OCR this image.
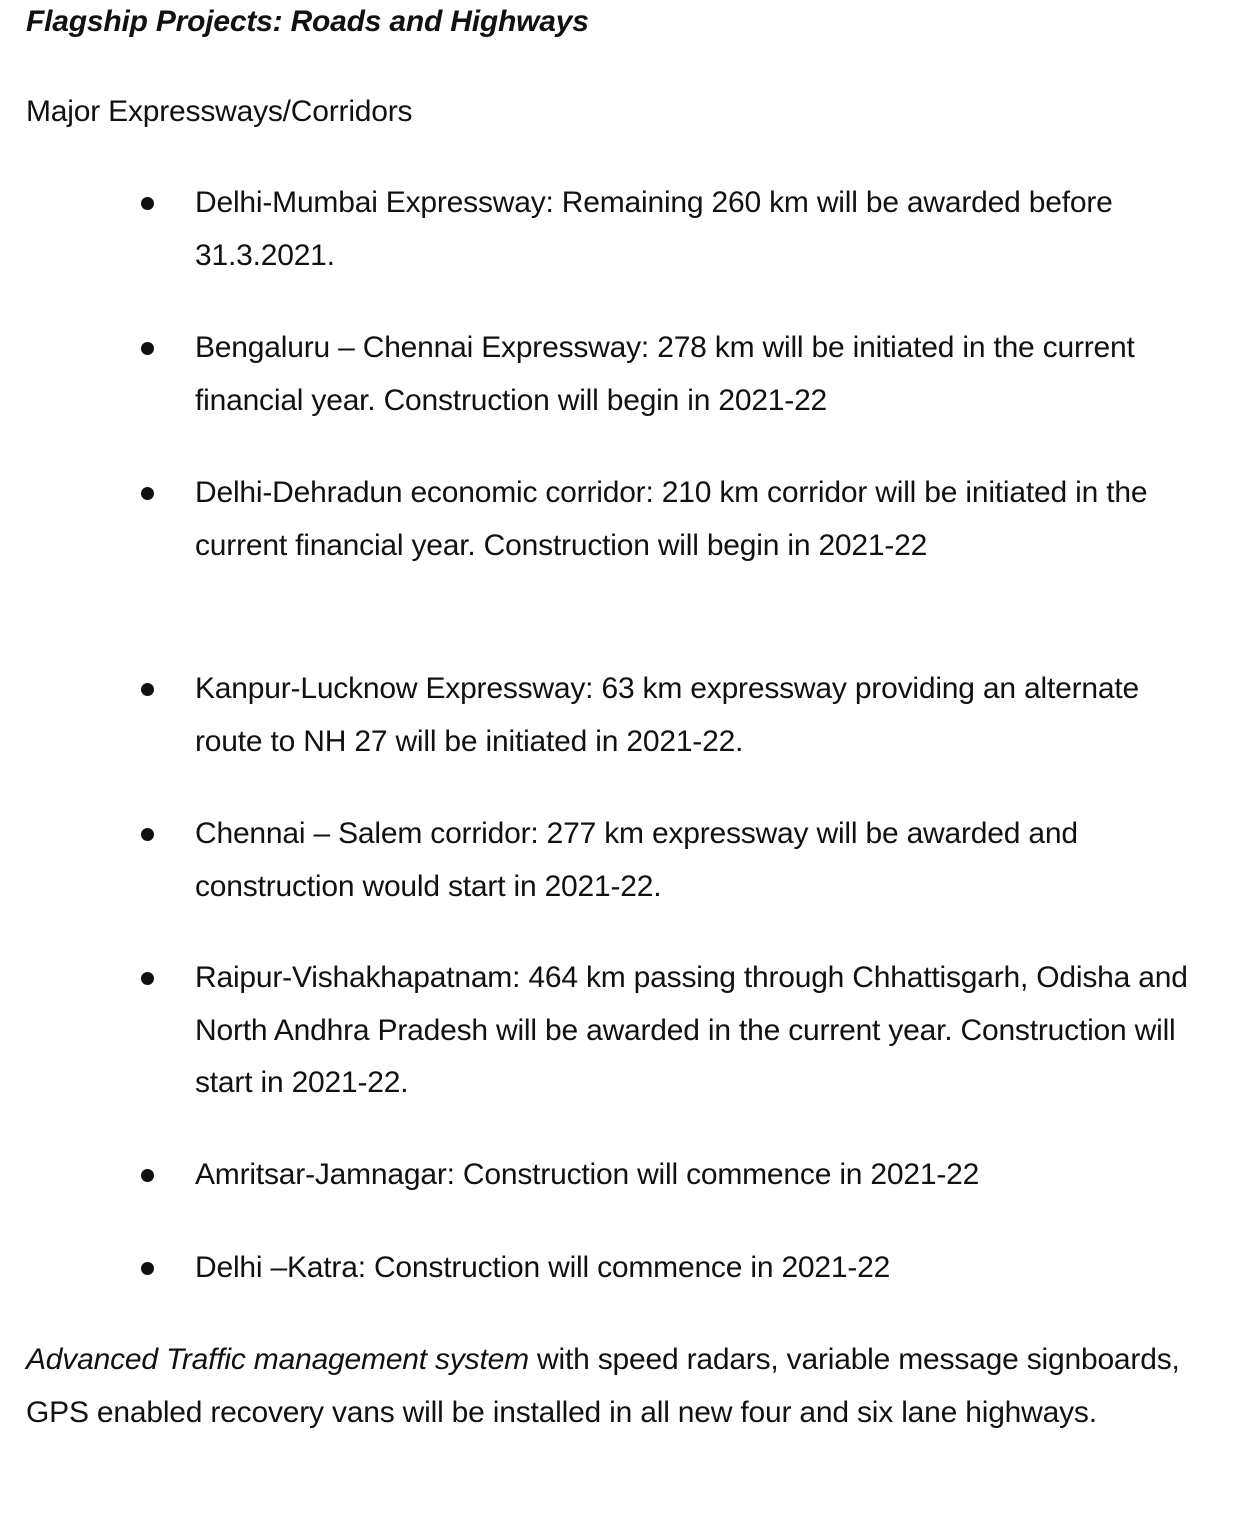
Flagship Projects: Roads and Highways
Major Expressways/Corridors
Delhi-Mumbai Expressway: Remaining 260 km will be awarded before 31.3.2021.
Bengaluru – Chennai Expressway: 278 km will be initiated in the current financial year. Construction will begin in 2021-22
Delhi-Dehradun economic corridor: 210 km corridor will be initiated in the current financial year. Construction will begin in 2021-22
Kanpur-Lucknow Expressway: 63 km expressway providing an alternate route to NH 27 will be initiated in 2021-22.
Chennai – Salem corridor: 277 km expressway will be awarded and construction would start in 2021-22.
Raipur-Vishakhapatnam: 464 km passing through Chhattisgarh, Odisha and North Andhra Pradesh will be awarded in the current year. Construction will start in 2021-22.
Amritsar-Jamnagar: Construction will commence in 2021-22
Delhi –Katra: Construction will commence in 2021-22

Advanced Traffic management system with speed radars, variable message signboards, GPS enabled recovery vans will be installed in all new four and six lane highways.
